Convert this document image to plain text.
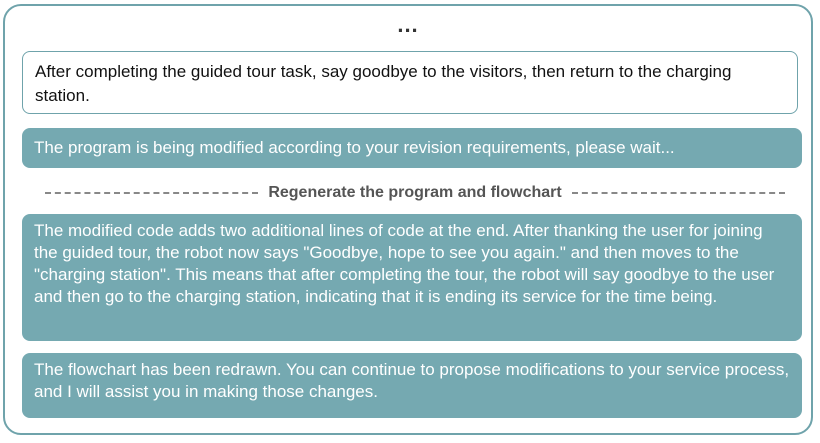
...
After completing the guided tour task, say goodbye to the visitors, then return to the charging station.
The program is being modified according to your revision requirements, please wait...
Regenerate the program and flowchart
The modified code adds two additional lines of code at the end. After thanking the user for joining the guided tour, the robot now says "Goodbye, hope to see you again." and then moves to the "charging station". This means that after completing the tour, the robot will say goodbye to the user and then go to the charging station, indicating that it is ending its service for the time being.
The flowchart has been redrawn. You can continue to propose modifications to your service process, and I will assist you in making those changes.
